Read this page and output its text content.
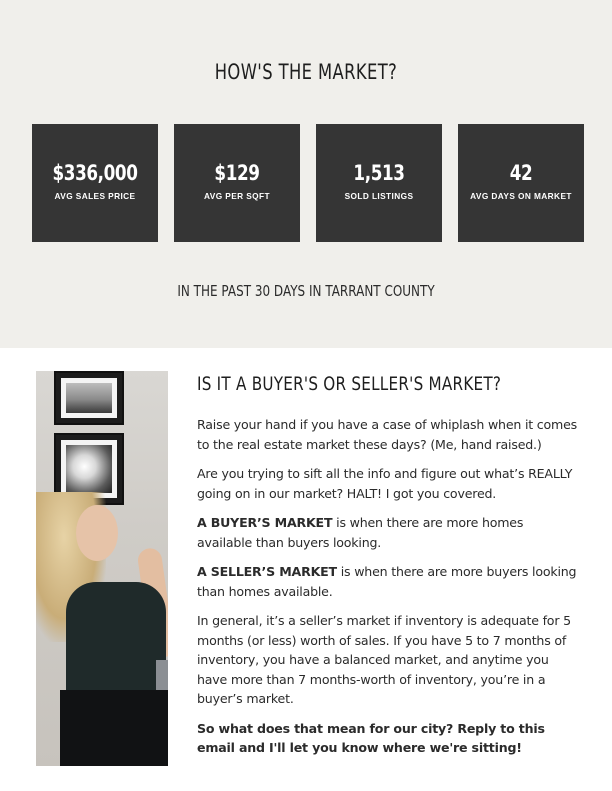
HOW'S THE MARKET?
$336,000
AVG SALES PRICE
$129
AVG PER SQFT
1,513
SOLD LISTINGS
42
AVG DAYS ON MARKET
IN THE PAST 30 DAYS IN TARRANT COUNTY
IS IT A BUYER'S OR SELLER'S MARKET?

Raise your hand if you have a case of whiplash when it comes to the real estate market these days? (Me, hand raised.)

Are you trying to sift all the info and figure out what’s REALLY going on in our market? HALT! I got you covered.

A BUYER’S MARKET is when there are more homes available than buyers looking.

A SELLER’S MARKET is when there are more buyers looking than homes available.

In general, it’s a seller’s market if inventory is adequate for 5 months (or less) worth of sales. If you have 5 to 7 months of inventory, you have a balanced market, and anytime you have more than 7 months-worth of inventory, you’re in a buyer’s market.

So what does that mean for our city? Reply to this email and I'll let you know where we're sitting!
